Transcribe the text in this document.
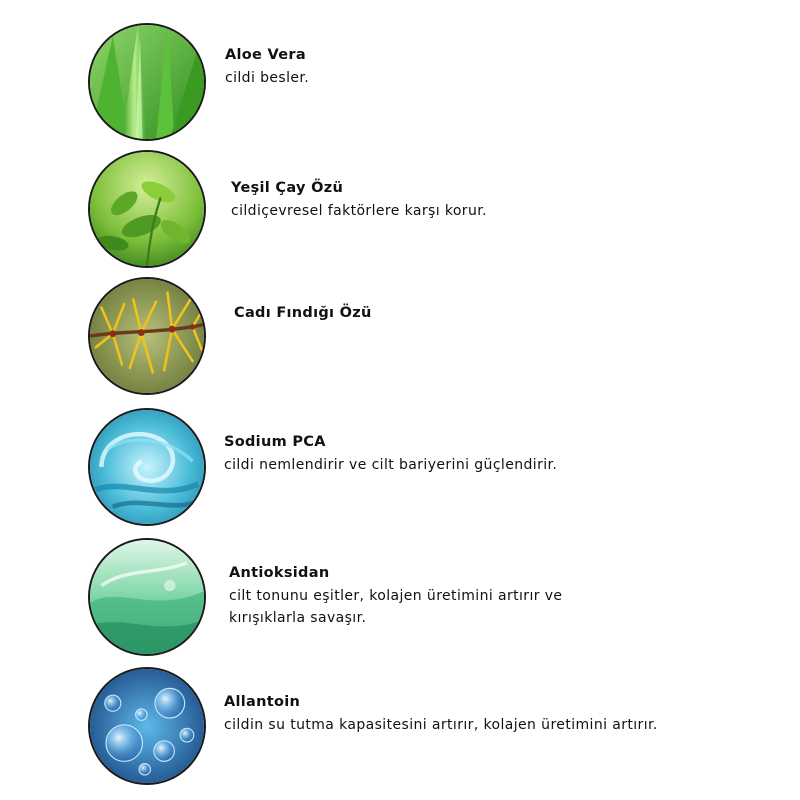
Aloe Vera
cildi besler.
Yeşil Çay Özü
cildiçevresel faktörlere karşı korur.
Cadı Fındığı Özü
Sodium PCA
cildi nemlendirir ve cilt bariyerini güçlendirir.
Antioksidan
cilt tonunu eşitler, kolajen üretimini artırır ve
kırışıklarla savaşır.
Allantoin
cildin su tutma kapasitesini artırır, kolajen üretimini artırır.
